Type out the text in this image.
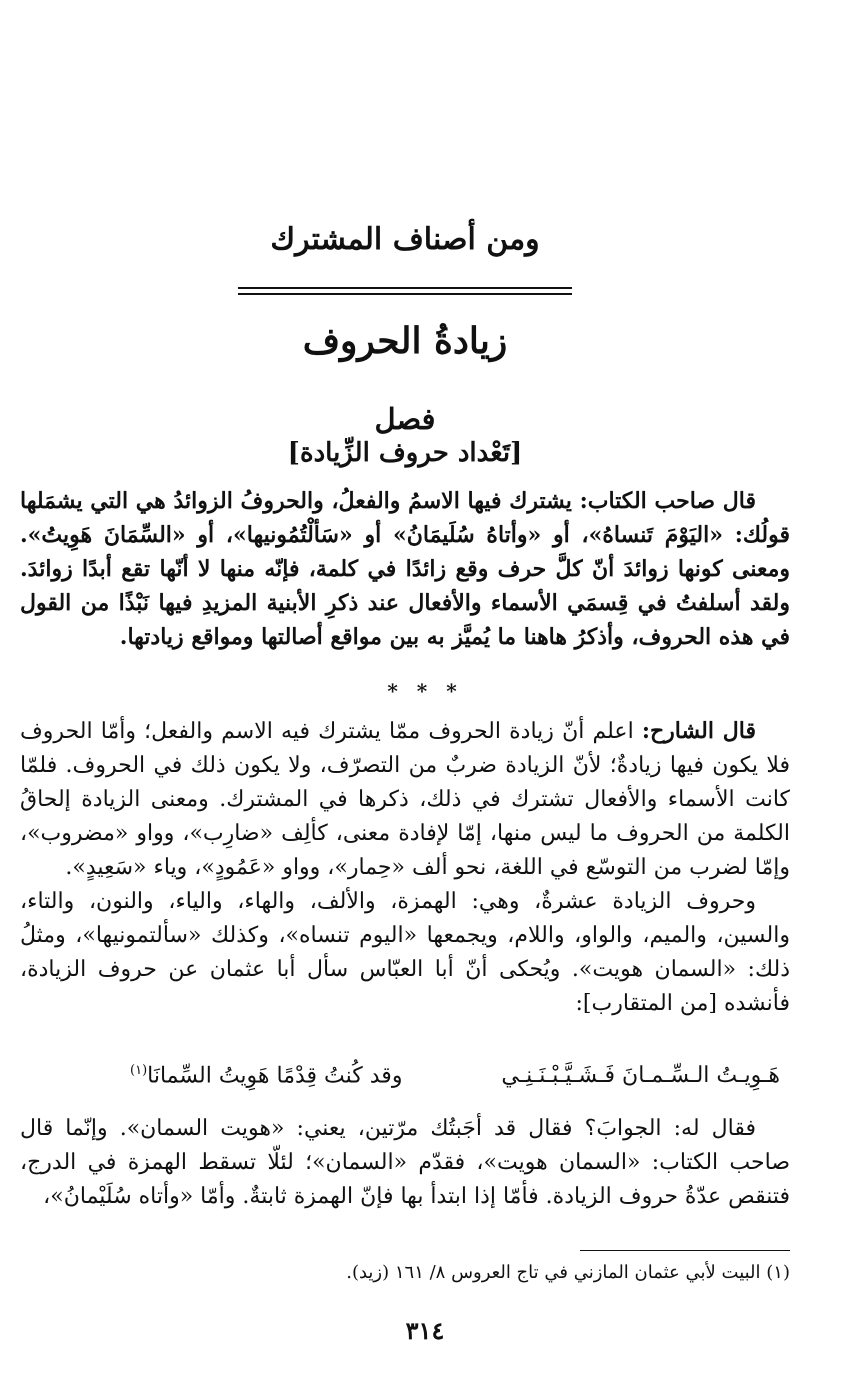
ومن أصناف المشترك
زيادةُ الحروف
فصل
[تَعْداد حروف الزِّيادة]

قال صاحب الكتاب: يشترك فيها الاسمُ والفعلُ، والحروفُ الزوائدُ هي التي يشمَلها قولُك: «اليَوْمَ تَنساهُ»، أو «وأتاهُ سُلَيمَانُ» أو «سَألْتُمُونيها»، أو «السِّمَانَ هَوِيتُ». ومعنى كونها زوائدَ أنّ كلَّ حرف وقع زائدًا في كلمة، فإنّه منها لا أنّها تقع أبدًا زوائدَ. ولقد أسلفتُ في قِسمَي الأسماء والأفعال عند ذكرِ الأبنية المزيدِ فيها نَبْذًا من القول في هذه الحروف، وأذكرُ هاهنا ما يُميَّز به بين مواقع أصالتها ومواقع زيادتها.

* * *

قال الشارح: اعلم أنّ زيادة الحروف ممّا يشترك فيه الاسم والفعل؛ وأمّا الحروف فلا يكون فيها زيادةٌ؛ لأنّ الزيادة ضربٌ من التصرّف، ولا يكون ذلك في الحروف. فلمّا كانت الأسماء والأفعال تشترك في ذلك، ذكرها في المشترك. ومعنى الزيادة إلحاقُ الكلمة من الحروف ما ليس منها، إمّا لإفادة معنى، كألِف «ضارِب»، وواو «مضروب»، وإمّا لضرب من التوسّع في اللغة، نحو ألف «حِمار»، وواو «عَمُودٍ»، وياء «سَعِيدٍ».

وحروف الزيادة عشرةٌ، وهي: الهمزة، والألف، والهاء، والياء، والنون، والتاء، والسين، والميم، والواو، واللام، ويجمعها «اليوم تنساه»، وكذلك «سألتمونيها»، ومثلُ ذلك: «السمان هويت». ويُحكى أنّ أبا العبّاس سأل أبا عثمان عن حروف الزيادة، فأنشده [من المتقارب]:

هَـوِيـتُ الـسِّـمـانَ فَـشَـيَّـبْـنَـنِـي
وقد كُنتُ قِدْمًا هَوِيتُ السِّمانَا$^{(١)}$

فقال له: الجوابَ؟ فقال قد أجَبتُك مرّتين، يعني: «هويت السمان». وإنّما قال صاحب الكتاب: «السمان هويت»، فقدّم «السمان»؛ لئلّا تسقط الهمزة في الدرج، فتنقص عدّةُ حروف الزيادة. فأمّا إذا ابتدأ بها فإنّ الهمزة ثابتةٌ. وأمّا «وأتاه سُلَيْمانُ»،

(١) البيت لأبي عثمان المازني في تاج العروس ٨/ ١٦١ (زيد).
٣١٤
